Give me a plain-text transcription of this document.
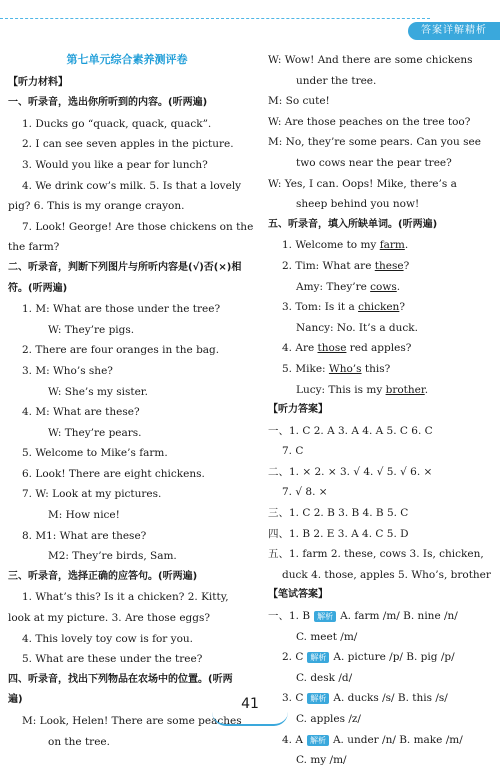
答案详解精析
第七单元综合素养测评卷
【听力材料】
一、听录音，选出你所听到的内容。(听两遍)
1. Ducks go “quack, quack, quack”.
2. I can see seven apples in the picture.
3. Would you like a pear for lunch?
4. We drink cow’s milk. 5. Is that a lovely
pig? 6. This is my orange crayon.
7. Look! George! Are those chickens on the
the farm?
二、听录音，判断下列图片与所听内容是(√)否(×)相符。(听两遍)
1. M: What are those under the tree?
W: They’re pigs.
2. There are four oranges in the bag.
3. M: Who’s she?
W: She’s my sister.
4. M: What are these?
W: They’re pears.
5. Welcome to Mike’s farm.
6. Look! There are eight chickens.
7. W: Look at my pictures.
M: How nice!
8. M1: What are these?
M2: They’re birds, Sam.
三、听录音，选择正确的应答句。(听两遍)
1. What’s this? Is it a chicken? 2. Kitty,
look at my picture. 3. Are those eggs?
4. This lovely toy cow is for you.
5. What are these under the tree?
四、听录音，找出下列物品在农场中的位置。(听两遍)
M: Look, Helen! There are some peaches
on the tree.
W: Wow! And there are some chickens
under the tree.
M: So cute!
W: Are those peaches on the tree too?
M: No, they’re some pears. Can you see
two cows near the pear tree?
W: Yes, I can. Oops! Mike, there’s a
sheep behind you now!
五、听录音，填入所缺单词。(听两遍)
1. Welcome to my farm.
2. Tim: What are these?
Amy: They’re cows.
3. Tom: Is it a chicken?
Nancy: No. It’s a duck.
4. Are those red apples?
5. Mike: Who’s this?
Lucy: This is my brother.
【听力答案】
一、1. C 2. A 3. A 4. A 5. C 6. C
7. C
二、1. × 2. × 3. √ 4. √ 5. √ 6. ×
7. √ 8. ×
三、1. C 2. B 3. B 4. B 5. C
四、1. B 2. E 3. A 4. C 5. D
五、1. farm 2. these, cows 3. Is, chicken,
duck 4. those, apples 5. Who’s, brother
【笔试答案】
一、1. B 解析 A. farm /m/ B. nine /n/
C. meet /m/
2. C 解析 A. picture /p/ B. pig /p/
C. desk /d/
3. C 解析 A. ducks /s/ B. this /s/
C. apples /z/
4. A 解析 A. under /n/ B. make /m/
C. my /m/
41
